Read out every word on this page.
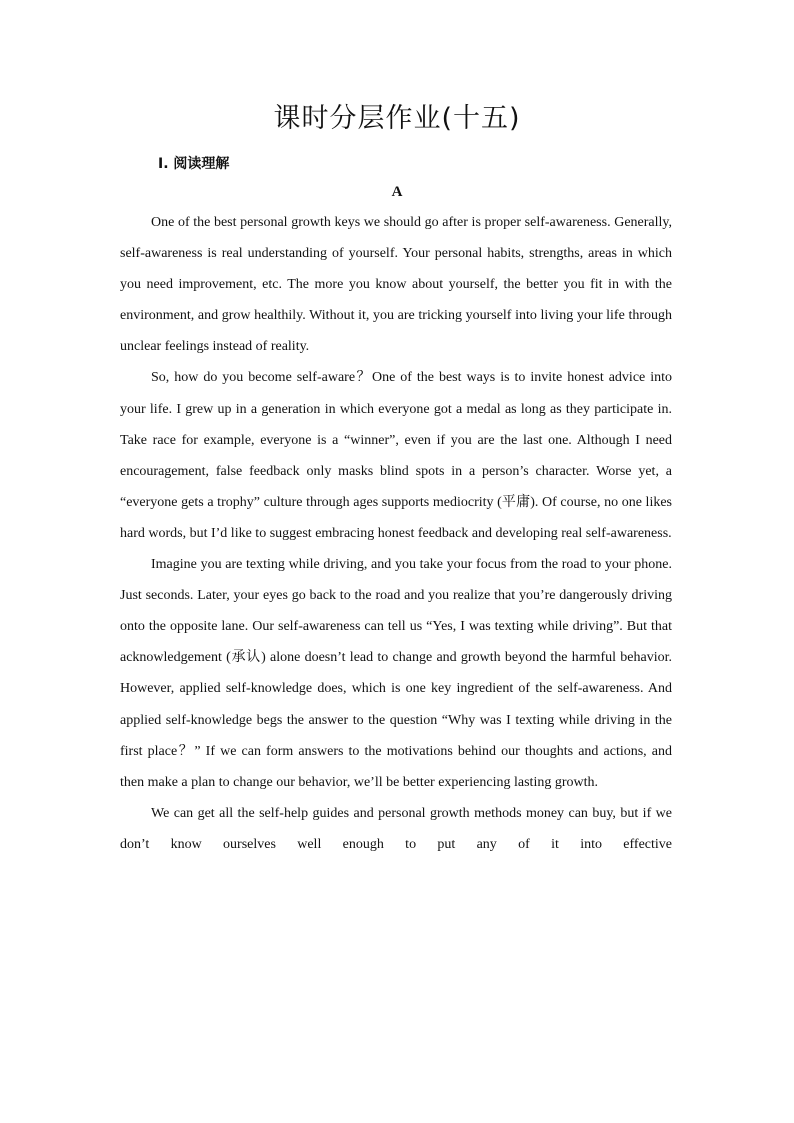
课时分层作业(十五)
Ⅰ. 阅读理解
A

One of the best personal growth keys we should go after is proper self-awareness. Generally, self-awareness is real understanding of yourself. Your personal habits, strengths, areas in which you need improvement, etc. The more you know about yourself, the better you fit in with the environment, and grow healthily. Without it, you are tricking yourself into living your life through unclear feelings instead of reality.

So, how do you become self-aware？One of the best ways is to invite honest advice into your life. I grew up in a generation in which everyone got a medal as long as they participate in. Take race for example, everyone is a “winner”, even if you are the last one. Although I need encouragement, false feedback only masks blind spots in a person’s character. Worse yet, a “everyone gets a trophy” culture through ages supports mediocrity (平庸). Of course, no one likes hard words, but I’d like to suggest embracing honest feedback and developing real self-awareness.

Imagine you are texting while driving, and you take your focus from the road to your phone. Just seconds. Later, your eyes go back to the road and you realize that you’re dangerously driving onto the opposite lane. Our self-awareness can tell us “Yes, I was texting while driving”. But that acknowledgement (承认) alone doesn’t lead to change and growth beyond the harmful behavior. However, applied self-knowledge does, which is one key ingredient of the self-awareness. And applied self-knowledge begs the answer to the question “Why was I texting while driving in the first place？” If we can form answers to the motivations behind our thoughts and actions, and then make a plan to change our behavior, we’ll be better experiencing lasting growth.

We can get all the self-help guides and personal growth methods money can buy, but if we don’t know ourselves well enough to put any of it into effective
